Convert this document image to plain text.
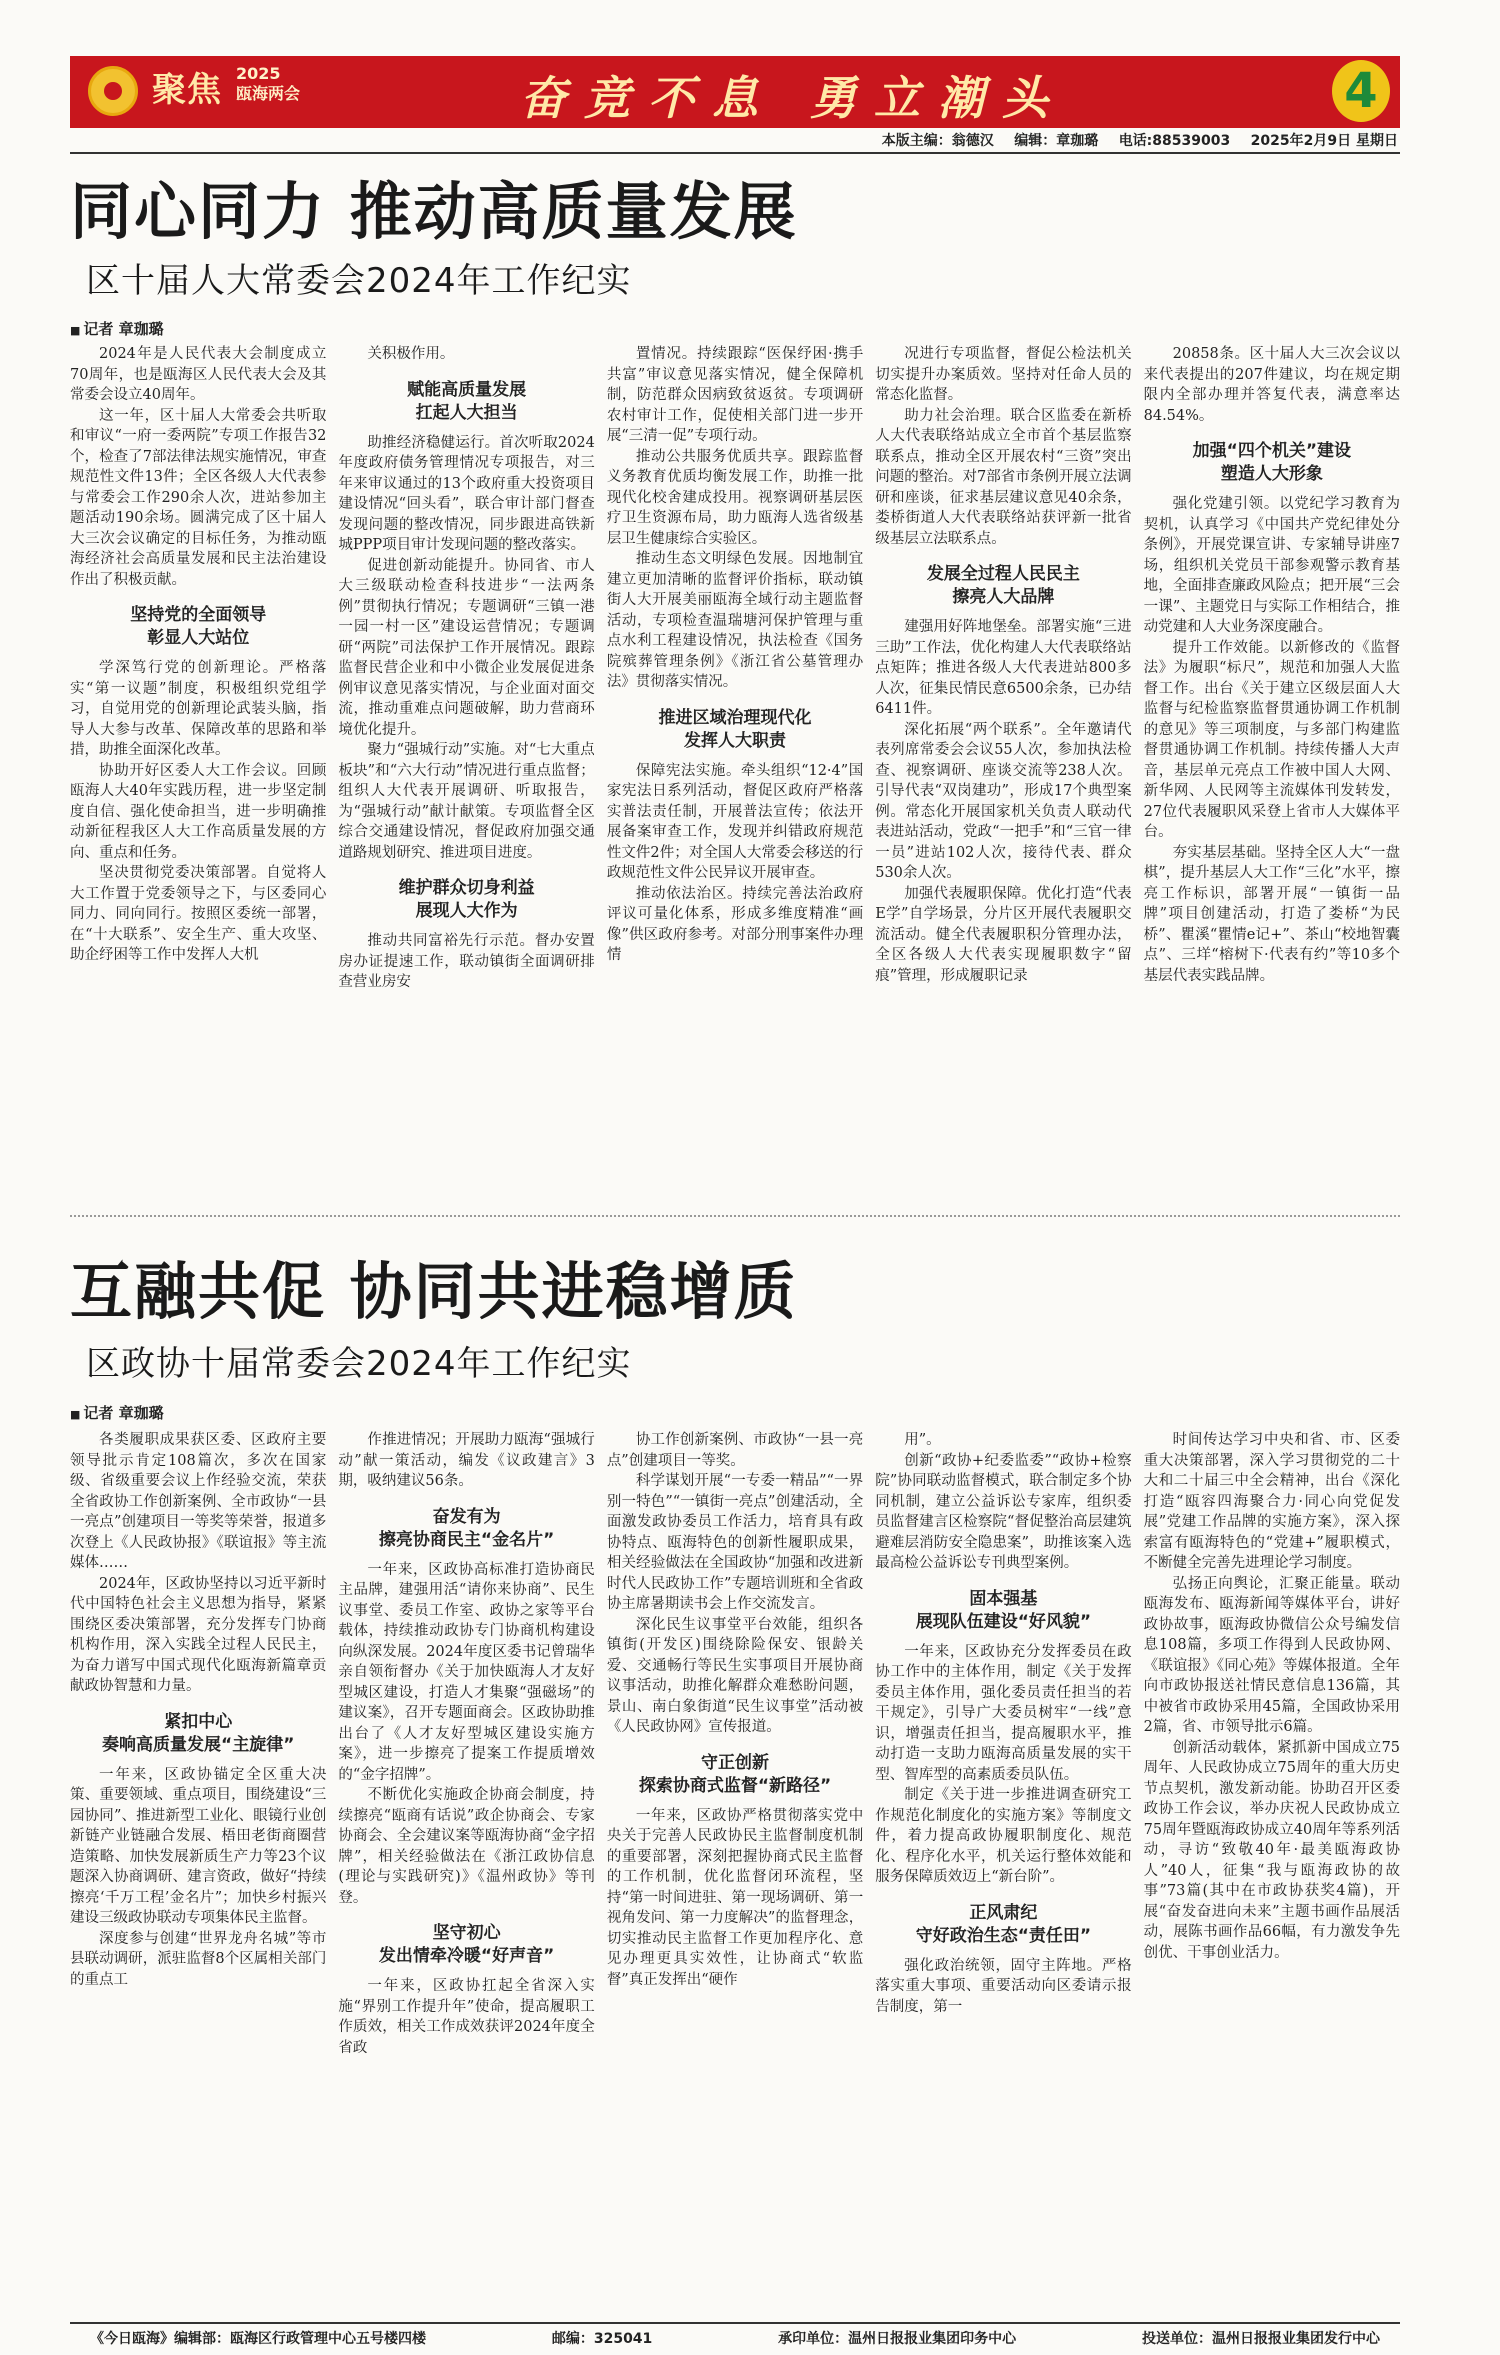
聚焦 2025
瓯海两会	奋竞不息 勇立潮头	4
本版主编：翁德汉 编辑：章珈璐 电话:88539003 2025年2月9日 星期日
同心同力 推动高质量发展
区十届人大常委会2024年工作纪实
■ 记者 章珈璐

2024年是人民代表大会制度成立70周年，也是瓯海区人民代表大会及其常委会设立40周年。

这一年，区十届人大常委会共听取和审议“一府一委两院”专项工作报告32个，检查了7部法律法规实施情况，审查规范性文件13件；全区各级人大代表参与常委会工作290余人次，进站参加主题活动190余场。圆满完成了区十届人大三次会议确定的目标任务，为推动瓯海经济社会高质量发展和民主法治建设作出了积极贡献。

坚持党的全面领导
彰显人大站位

学深笃行党的创新理论。严格落实“第一议题”制度，积极组织党组学习，自觉用党的创新理论武装头脑，指导人大参与改革、保障改革的思路和举措，助推全面深化改革。

协助开好区委人大工作会议。回顾瓯海人大40年实践历程，进一步坚定制度自信、强化使命担当，进一步明确推动新征程我区人大工作高质量发展的方向、重点和任务。

坚决贯彻党委决策部署。自觉将人大工作置于党委领导之下，与区委同心同力、同向同行。按照区委统一部署，在“十大联系”、安全生产、重大攻坚、助企纾困等工作中发挥人大机

关积极作用。

赋能高质量发展
扛起人大担当

助推经济稳健运行。首次听取2024年度政府债务管理情况专项报告，对三年来审议通过的13个政府重大投资项目建设情况“回头看”，联合审计部门督查发现问题的整改情况，同步跟进高铁新城PPP项目审计发现问题的整改落实。

促进创新动能提升。协同省、市人大三级联动检查科技进步“一法两条例”贯彻执行情况；专题调研“三镇一港一园一村一区”建设运营情况；专题调研“两院”司法保护工作开展情况。跟踪监督民营企业和中小微企业发展促进条例审议意见落实情况，与企业面对面交流，推动重难点问题破解，助力营商环境优化提升。

聚力“强城行动”实施。对“七大重点板块”和“六大行动”情况进行重点监督；组织人大代表开展调研、听取报告，为“强城行动”献计献策。专项监督全区综合交通建设情况，督促政府加强交通道路规划研究、推进项目进度。

维护群众切身利益
展现人大作为

推动共同富裕先行示范。督办安置房办证提速工作，联动镇街全面调研排查营业房安

置情况。持续跟踪“医保纾困·携手共富”审议意见落实情况，健全保障机制，防范群众因病致贫返贫。专项调研农村审计工作，促使相关部门进一步开展“三清一促”专项行动。

推动公共服务优质共享。跟踪监督义务教育优质均衡发展工作，助推一批现代化校舍建成投用。视察调研基层医疗卫生资源布局，助力瓯海人选省级基层卫生健康综合实验区。

推动生态文明绿色发展。因地制宜建立更加清晰的监督评价指标，联动镇街人大开展美丽瓯海全域行动主题监督活动，专项检查温瑞塘河保护管理与重点水利工程建设情况，执法检查《国务院殡葬管理条例》《浙江省公墓管理办法》贯彻落实情况。

推进区域治理现代化
发挥人大职责

保障宪法实施。牵头组织“12·4”国家宪法日系列活动，督促区政府严格落实普法责任制，开展普法宣传；依法开展备案审查工作，发现并纠错政府规范性文件2件；对全国人大常委会移送的行政规范性文件公民异议开展审查。

推动依法治区。持续完善法治政府评议可量化体系，形成多维度精准“画像”供区政府参考。对部分刑事案件办理情

况进行专项监督，督促公检法机关切实提升办案质效。坚持对任命人员的常态化监督。

助力社会治理。联合区监委在新桥人大代表联络站成立全市首个基层监察联系点，推动全区开展农村“三资”突出问题的整治。对7部省市条例开展立法调研和座谈，征求基层建议意见40余条，娄桥街道人大代表联络站获评新一批省级基层立法联系点。

发展全过程人民民主
擦亮人大品牌

建强用好阵地堡垒。部署实施“三进三助”工作法，优化构建人大代表联络站点矩阵；推进各级人大代表进站800多人次，征集民情民意6500余条，已办结6411件。

深化拓展“两个联系”。全年邀请代表列席常委会会议55人次，参加执法检查、视察调研、座谈交流等238人次。引导代表“双岗建功”，形成17个典型案例。常态化开展国家机关负责人联动代表进站活动，党政“一把手”和“三官一律一员”进站102人次，接待代表、群众530余人次。

加强代表履职保障。优化打造“代表E学”自学场景，分片区开展代表履职交流活动。健全代表履职积分管理办法，全区各级人大代表实现履职数字“留痕”管理，形成履职记录

20858条。区十届人大三次会议以来代表提出的207件建议，均在规定期限内全部办理并答复代表，满意率达84.54%。

加强“四个机关”建设
塑造人大形象

强化党建引领。以党纪学习教育为契机，认真学习《中国共产党纪律处分条例》，开展党课宣讲、专家辅导讲座7场，组织机关党员干部参观警示教育基地，全面排查廉政风险点；把开展“三会一课”、主题党日与实际工作相结合，推动党建和人大业务深度融合。

提升工作效能。以新修改的《监督法》为履职“标尺”，规范和加强人大监督工作。出台《关于建立区级层面人大监督与纪检监察监督贯通协调工作机制的意见》等三项制度，与多部门构建监督贯通协调工作机制。持续传播人大声音，基层单元亮点工作被中国人大网、新华网、人民网等主流媒体刊发转发，27位代表履职风采登上省市人大媒体平台。

夯实基层基础。坚持全区人大“一盘棋”，提升基层人大工作“三化”水平，擦亮工作标识，部署开展“一镇街一品牌”项目创建活动，打造了娄桥“为民桥”、瞿溪“瞿情e记+”、茶山“校地智囊点”、三垟“榕树下·代表有约”等10多个基层代表实践品牌。

互融共促 协同共进稳增质
区政协十届常委会2024年工作纪实
■ 记者 章珈璐

各类履职成果获区委、区政府主要领导批示肯定108篇次，多次在国家级、省级重要会议上作经验交流，荣获全省政协工作创新案例、全市政协“一县一亮点”创建项目一等奖等荣誉，报道多次登上《人民政协报》《联谊报》等主流媒体……

2024年，区政协坚持以习近平新时代中国特色社会主义思想为指导，紧紧围绕区委决策部署，充分发挥专门协商机构作用，深入实践全过程人民民主，为奋力谱写中国式现代化瓯海新篇章贡献政协智慧和力量。

紧扣中心
奏响高质量发展“主旋律”

一年来，区政协锚定全区重大决策、重要领域、重点项目，围绕建设“三园协同”、推进新型工业化、眼镜行业创新链产业链融合发展、梧田老街商圈营造策略、加快发展新质生产力等23个议题深入协商调研、建言资政，做好“持续擦亮‘千万工程’金名片”；加快乡村振兴建设三级政协联动专项集体民主监督。

深度参与创建“世界龙舟名城”等市县联动调研，派驻监督8个区属相关部门的重点工

作推进情况；开展助力瓯海“强城行动”献一策活动，编发《议政建言》3期，吸纳建议56条。

奋发有为
擦亮协商民主“金名片”

一年来，区政协高标准打造协商民主品牌，建强用活“请你来协商”、民生议事堂、委员工作室、政协之家等平台载体，持续推动政协专门协商机构建设向纵深发展。2024年度区委书记曾瑞华亲自领衔督办《关于加快瓯海人才友好型城区建设，打造人才集聚“强磁场”的建议案》，召开专题面商会。区政协助推出台了《人才友好型城区建设实施方案》，进一步擦亮了提案工作提质增效的“金字招牌”。

不断优化实施政企协商会制度，持续擦亮“瓯商有话说”政企协商会、专家协商会、全会建议案等瓯海协商“金字招牌”，相关经验做法在《浙江政协信息(理论与实践研究)》《温州政协》等刊登。

坚守初心
发出情牵冷暖“好声音”

一年来，区政协扛起全省深入实施“界别工作提升年”使命，提高履职工作质效，相关工作成效获评2024年度全省政

协工作创新案例、市政协“一县一亮点”创建项目一等奖。

科学谋划开展“一专委一精品”“一界别一特色”“一镇街一亮点”创建活动，全面激发政协委员工作活力，培育具有政协特点、瓯海特色的创新性履职成果，相关经验做法在全国政协“加强和改进新时代人民政协工作”专题培训班和全省政协主席暑期读书会上作交流发言。

深化民生议事堂平台效能，组织各镇街(开发区)围绕除险保安、银龄关爱、交通畅行等民生实事项目开展协商议事活动，助推化解群众难愁盼问题，景山、南白象街道“民生议事堂”活动被《人民政协网》宣传报道。

守正创新
探索协商式监督“新路径”

一年来，区政协严格贯彻落实党中央关于完善人民政协民主监督制度机制的重要部署，深刻把握协商式民主监督的工作机制，优化监督闭环流程，坚持“第一时间进驻、第一现场调研、第一视角发问、第一力度解决”的监督理念，切实推动民主监督工作更加程序化、意见办理更具实效性，让协商式“软监督”真正发挥出“硬作

用”。

创新“政协+纪委监委”“政协+检察院”协同联动监督模式，联合制定多个协同机制，建立公益诉讼专家库，组织委员监督建言区检察院“督促整治高层建筑避难层消防安全隐患案”，助推该案入选最高检公益诉讼专刊典型案例。

固本强基
展现队伍建设“好风貌”

一年来，区政协充分发挥委员在政协工作中的主体作用，制定《关于发挥委员主体作用，强化委员责任担当的若干规定》，引导广大委员树牢“一线”意识，增强责任担当，提高履职水平，推动打造一支助力瓯海高质量发展的实干型、智库型的高素质委员队伍。

制定《关于进一步推进调查研究工作规范化制度化的实施方案》等制度文件，着力提高政协履职制度化、规范化、程序化水平，机关运行整体效能和服务保障质效迈上“新台阶”。

正风肃纪
守好政治生态“责任田”

强化政治统领，固守主阵地。严格落实重大事项、重要活动向区委请示报告制度，第一

时间传达学习中央和省、市、区委重大决策部署，深入学习贯彻党的二十大和二十届三中全会精神，出台《深化打造“瓯容四海聚合力·同心向党促发展”党建工作品牌的实施方案》，深入探索富有瓯海特色的“党建+”履职模式，不断健全完善先进理论学习制度。

弘扬正向舆论，汇聚正能量。联动瓯海发布、瓯海新闻等媒体平台，讲好政协故事，瓯海政协微信公众号编发信息108篇，多项工作得到人民政协网、《联谊报》《同心苑》等媒体报道。全年向市政协报送社情民意信息136篇，其中被省市政协采用45篇，全国政协采用2篇，省、市领导批示6篇。

创新活动载体，紧抓新中国成立75周年、人民政协成立75周年的重大历史节点契机，激发新动能。协助召开区委政协工作会议，举办庆祝人民政协成立75周年暨瓯海政协成立40周年等系列活动，寻访“致敬40年·最美瓯海政协人”40人，征集“我与瓯海政协的故事”73篇(其中在市政协获奖4篇)，开展“奋发奋进向未来”主题书画作品展活动，展陈书画作品66幅，有力激发争先创优、干事创业活力。

《今日瓯海》编辑部：瓯海区行政管理中心五号楼四楼	邮编：325041	承印单位：温州日报报业集团印务中心	投送单位：温州日报报业集团发行中心
